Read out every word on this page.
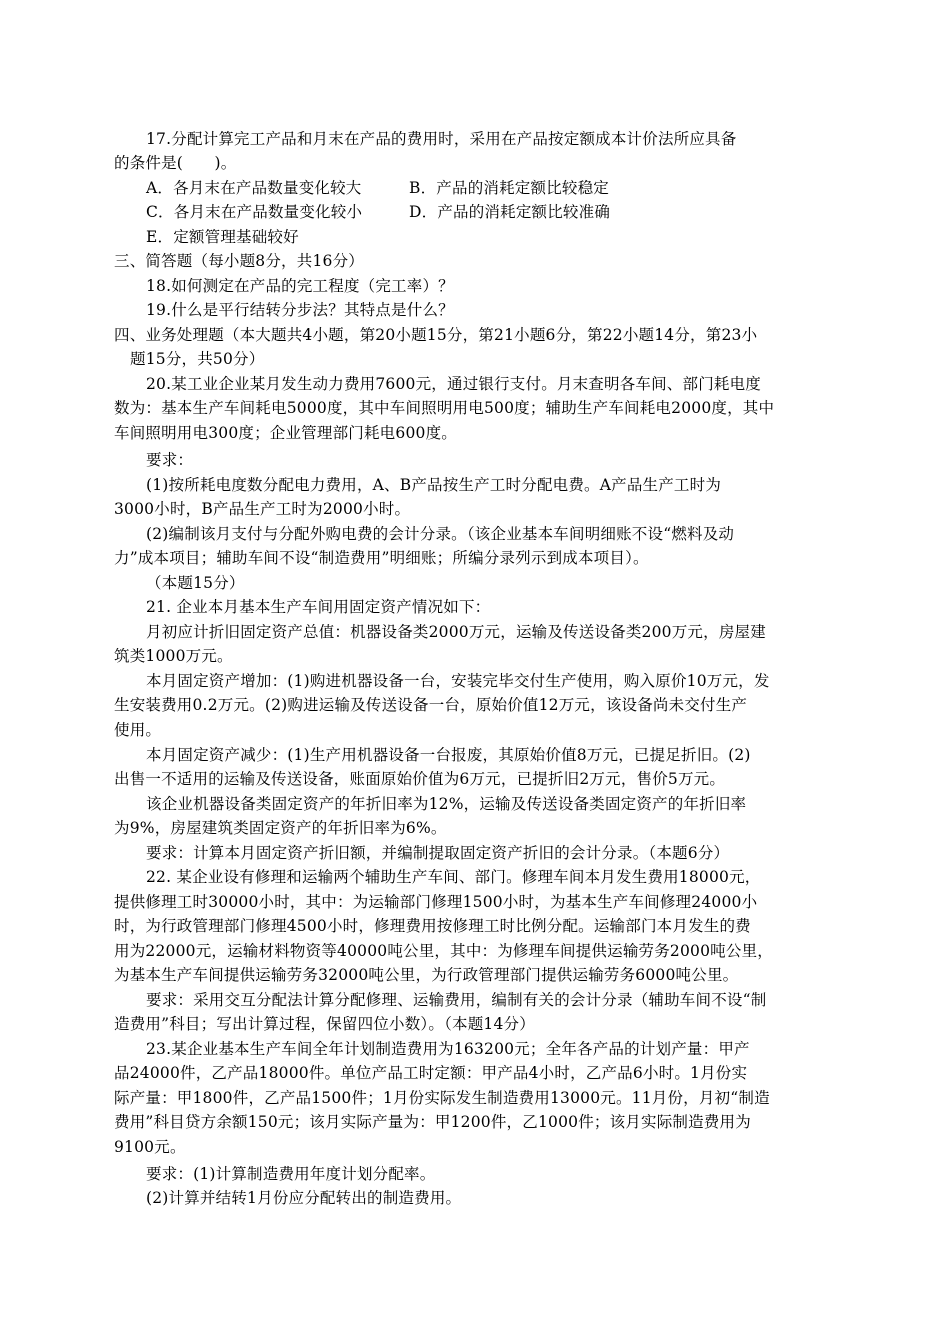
17.分配计算完工产品和月末在产品的费用时，采用在产品按定额成本计价法所应具备
的条件是(　　)。
A．各月末在产品数量变化较大	B．产品的消耗定额比较稳定
C．各月末在产品数量变化较小	D．产品的消耗定额比较准确
E．定额管理基础较好
三、简答题（每小题8分，共16分）
18.如何测定在产品的完工程度（完工率）？
19.什么是平行结转分步法？其特点是什么？
四、业务处理题（本大题共4小题，第20小题15分，第21小题6分，第22小题14分，第23小
题15分，共50分）
20.某工业企业某月发生动力费用7600元，通过银行支付。月末查明各车间、部门耗电度
数为：基本生产车间耗电5000度，其中车间照明用电500度；辅助生产车间耗电2000度，其中
车间照明用电300度；企业管理部门耗电600度。
要求：
(1)按所耗电度数分配电力费用，A、B产品按生产工时分配电费。A产品生产工时为
3000小时，B产品生产工时为2000小时。
(2)编制该月支付与分配外购电费的会计分录。（该企业基本车间明细账不设“燃料及动
力”成本项目；辅助车间不设“制造费用”明细账；所编分录列示到成本项目）。
（本题15分）
21. 企业本月基本生产车间用固定资产情况如下：
月初应计折旧固定资产总值：机器设备类2000万元，运输及传送设备类200万元，房屋建
筑类1000万元。
本月固定资产增加：(1)购进机器设备一台，安装完毕交付生产使用，购入原价10万元，发
生安装费用0.2万元。(2)购进运输及传送设备一台，原始价值12万元，该设备尚未交付生产
使用。
本月固定资产减少：(1)生产用机器设备一台报废，其原始价值8万元，已提足折旧。(2)
出售一不适用的运输及传送设备，账面原始价值为6万元，已提折旧2万元，售价5万元。
该企业机器设备类固定资产的年折旧率为12%，运输及传送设备类固定资产的年折旧率
为9%，房屋建筑类固定资产的年折旧率为6%。
要求：计算本月固定资产折旧额，并编制提取固定资产折旧的会计分录。（本题6分）
22. 某企业设有修理和运输两个辅助生产车间、部门。修理车间本月发生费用18000元，
提供修理工时30000小时，其中：为运输部门修理1500小时，为基本生产车间修理24000小
时，为行政管理部门修理4500小时，修理费用按修理工时比例分配。运输部门本月发生的费
用为22000元，运输材料物资等40000吨公里，其中：为修理车间提供运输劳务2000吨公里，
为基本生产车间提供运输劳务32000吨公里，为行政管理部门提供运输劳务6000吨公里。
要求：采用交互分配法计算分配修理、运输费用，编制有关的会计分录（辅助车间不设“制
造费用”科目；写出计算过程，保留四位小数）。（本题14分）
23.某企业基本生产车间全年计划制造费用为163200元；全年各产品的计划产量：甲产
品24000件，乙产品18000件。单位产品工时定额：甲产品4小时，乙产品6小时。1月份实
际产量：甲1800件，乙产品1500件；1月份实际发生制造费用13000元。11月份，月初“制造
费用”科目贷方余额150元；该月实际产量为：甲1200件，乙1000件；该月实际制造费用为
9100元。
要求：(1)计算制造费用年度计划分配率。
(2)计算并结转1月份应分配转出的制造费用。
